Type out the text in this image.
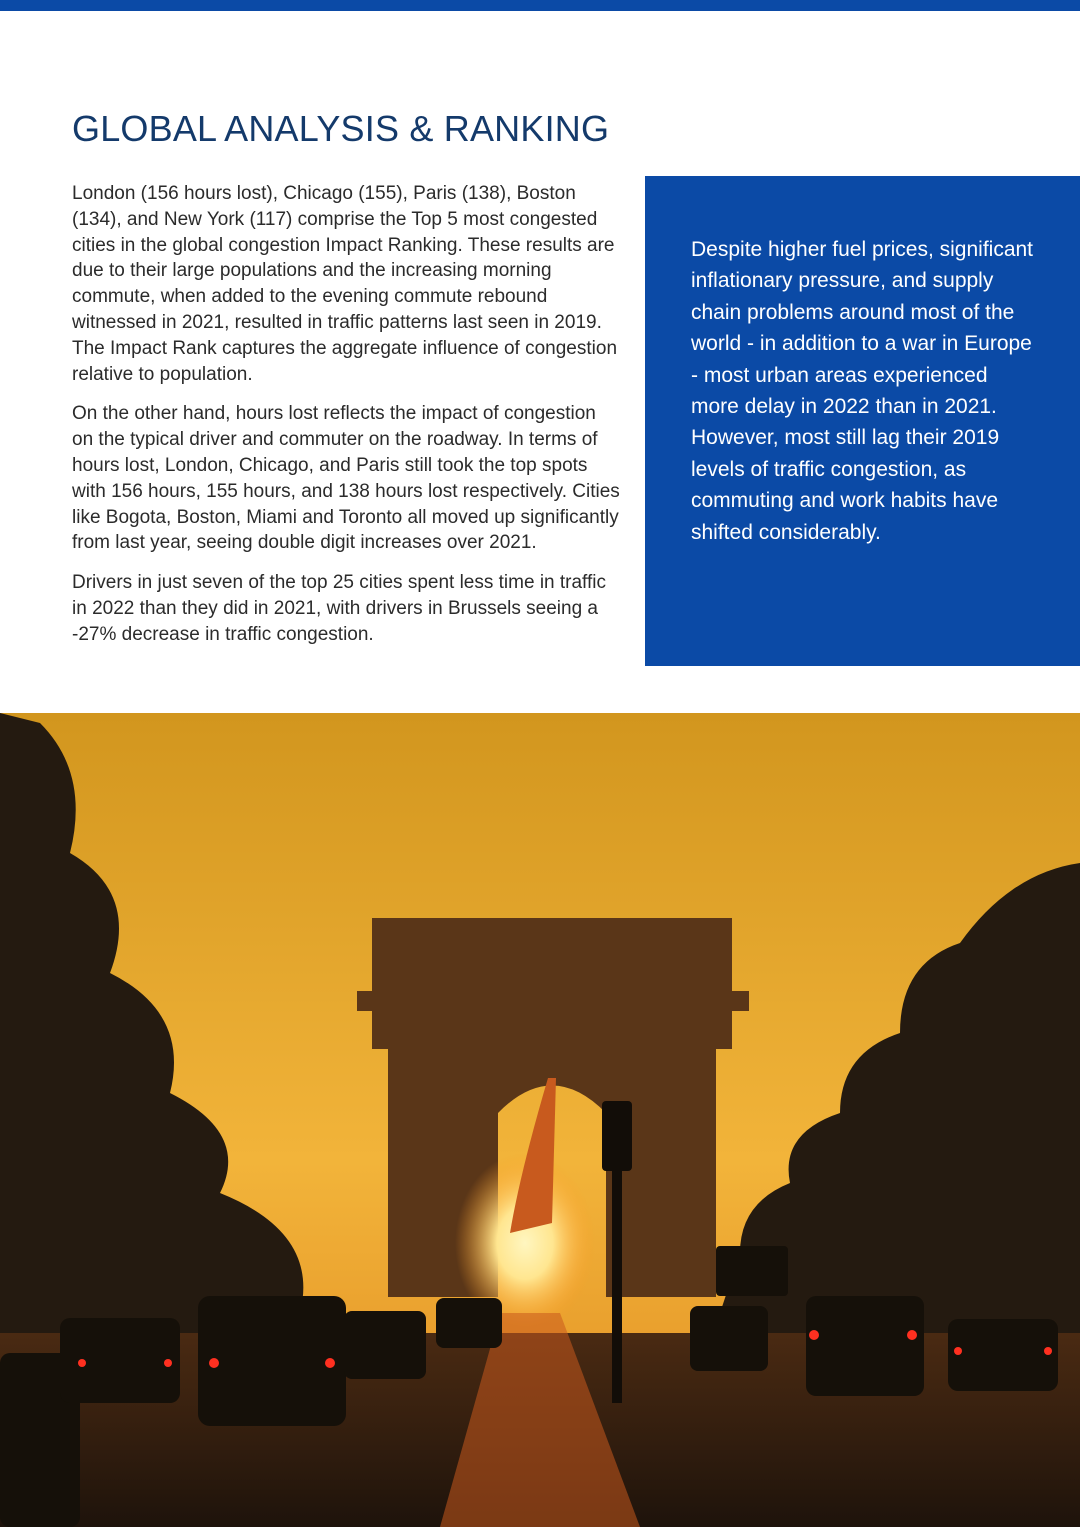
GLOBAL ANALYSIS & RANKING

London (156 hours lost), Chicago (155), Paris (138), Boston (134), and New York (117) comprise the Top 5 most congested cities in the global congestion Impact Ranking. These results are due to their large populations and the increasing morning commute, when added to the evening commute rebound witnessed in 2021, resulted in traffic patterns last seen in 2019. The Impact Rank captures the aggregate influence of congestion relative to population.

On the other hand, hours lost reflects the impact of congestion on the typical driver and commuter on the roadway. In terms of hours lost, London, Chicago, and Paris still took the top spots with 156 hours, 155 hours, and 138 hours lost respectively. Cities like Bogota, Boston, Miami and Toronto all moved up significantly from last year, seeing double digit increases over 2021.

Drivers in just seven of the top 25 cities spent less time in traffic in 2022 than they did in 2021, with drivers in Brussels seeing a -27% decrease in traffic congestion.

Despite higher fuel prices, significant inflationary pressure, and supply chain problems around most of the world - in addition to a war in Europe - most urban areas experienced more delay in 2022 than in 2021. However, most still lag their 2019 levels of traffic congestion, as commuting and work habits have shifted considerably.
